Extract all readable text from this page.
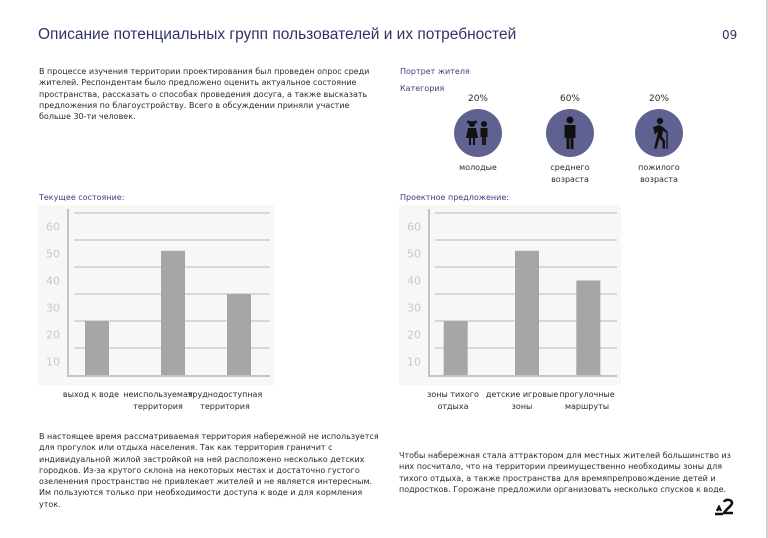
Описание потенциальных групп пользователей и их потребностей	09
В процессе изучения территории проектирования был проведен опрос среди жителей. Респондентам было предложено оценить актуальное состояние пространства, рассказать о способах проведения досуга, а также высказать предложения по благоустройству. Всего в обсуждении приняли участие больше 30-ти человек.
Портрет жителя
Категория
20%	60%	20%
молодые	среднего
возраста
пожилого
возраста
Текущее состояние:
10
20
30
40
50
60
выход к воде неиспользуемая
территория
труднодоступная
территория
Проектное предложение:
10
20
30
40
50
60
зоны тихого
отдыха
детские игровые
зоны
прогулочные
маршруты
В настоящее время рассматриваемая территория набережной не используется для прогулок или отдыха населения. Так как территория граничит с индивидуальной жилой застройкой на ней расположено несколько детских городков. Из-за крутого склона на некоторых местах и достаточно густого озеленения пространство не привлекает жителей и не является интересным. Им пользуются только при необходимости доступа к воде и для кормления уток.
Чтобы набережная стала аттрактором для местных жителей большинство из них посчитало, что на территории преимущественно необходимы зоны для тихого отдыха, а также пространства для времяпрепровождение детей и подростков. Горожане предложили организовать несколько спусков к воде.
